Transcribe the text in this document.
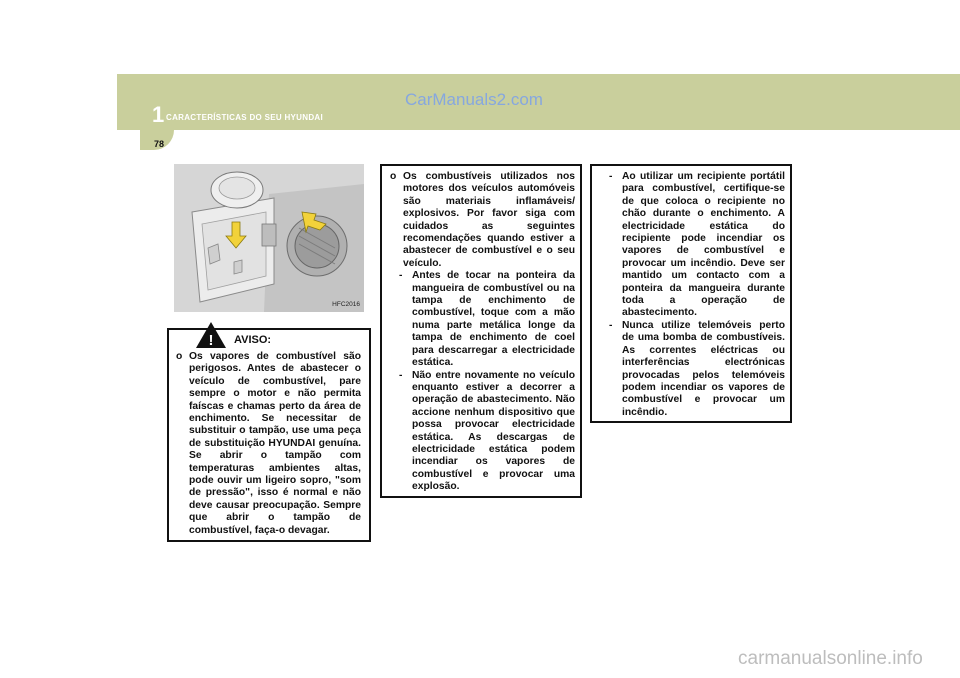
1 CARACTERÍSTICAS DO SEU HYUNDAI
CarManuals2.com
78
HFC2016
! AVISO:
o Os vapores de combustível são perigosos. Antes de abastecer o veículo de combustível, pare sempre o motor e não permita faíscas e chamas perto da área de enchimento. Se necessitar de substituir o tampão, use uma peça de substituição HYUNDAI genuína. Se abrir o tampão com temperaturas ambientes altas, pode ouvir um ligeiro sopro, "som de pressão", isso é normal e não deve causar preocupação. Sempre que abrir o tampão de combustível, faça-o devagar.
o Os combustíveis utilizados nos motores dos veículos automóveis são materiais inflamáveis/ explosivos. Por favor siga com cuidados as seguintes recomendações quando estiver a abastecer de combustível e o seu veículo.
- Antes de tocar na ponteira da mangueira de combustível ou na tampa de enchimento de combustível, toque com a mão numa parte metálica longe da tampa de enchimento de coel para descarregar a electricidade estática.
- Não entre novamente no veículo enquanto estiver a decorrer a operação de abastecimento. Não accione nenhum dispositivo que possa provocar electricidade estática. As descargas de electricidade estática podem incendiar os vapores de combustível e provocar uma explosão.
- Ao utilizar um recipiente portátil para combustível, certifique-se de que coloca o recipiente no chão durante o enchimento. A electricidade estática do recipiente pode incendiar os vapores de combustível e provocar um incêndio. Deve ser mantido um contacto com a ponteira da mangueira durante toda a operação de abastecimento.
- Nunca utilize telemóveis perto de uma bomba de combustíveis. As correntes eléctricas ou interferências electrónicas provocadas pelos telemóveis podem incendiar os vapores de combustível e provocar um incêndio.
carmanualsonline.info
